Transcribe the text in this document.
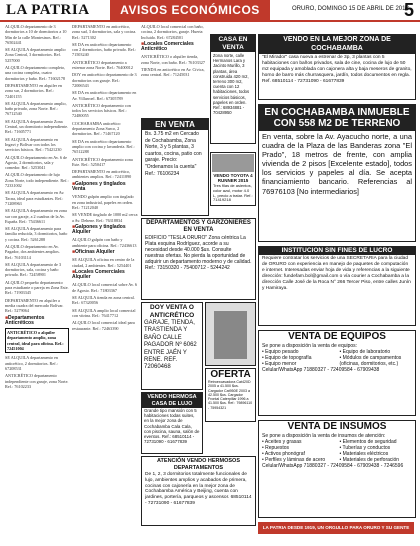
LA PATRIA	AVISOS ECONÓMICOS	ORURO, DOMINGO 15 DE ABRIL DE 2018
5

ALQUILO departamento de 3 dormitorios a 10 de dormitorios a 10 Min de la calle Montesinos. Ref.: 76502441

SE ALQUILA departamento amplio Zona Central, 3 dormitorios. Ref. 5257000

ALQUILO departamento completo, una cocina completa, cuatro dormitorios y baño. Ref.: 71602178

DEPARTAMENTO en alquiler en zona sur, 2 dormitorios. Ref.: 72401155

SE ALQUILA departamento amplio, baño privado, zona Norte. Ref.: 76712540

SE ALQUILA departamento Zona Central, un dormitorio independiente. Ref.: 71605771

SE ALQUILA departamento en Ingavi y Bolívar con todos los servicios básicos. Ref.: 75421230

ALQUILO departamento en Av. 6 de Agosto, 2 dormitorios, sala y comedor. Ref.: 5253041

ALQUILO departamento de lujo Zona Norte, todo independiente. Ref.: 72331002

SE ALQUILA departamento en Av. Tacna, ideal para estudiantes. Ref.: 71208963

SE ALQUILA departamento en zona sur con garaje, a 2 cuadras de la Av. España. Ref.: 75436611

SE ALQUILA departamento para familia reducida, 3 dormitorios, baño y cocina. Ref.: 5261288

ALQUILO departamento en Av. Pagador, dos ambientes amplios. Ref.: 76103114

SE ALQUILA departamento de 3 dormitorios, sala, cocina y baño privado. Ref.: 72458901

ALQUILO pequeño departamento para estudiante o pareja en Zona Este. Ref.: 71903345

DEPARTAMENTO en alquiler a media cuadra del mercado Bolívar. Ref.: 5279064

■ Departamentos Anticréticos

ANTICRÉTICO o alquiler departamento amplio, zona central, ideal para oficina. Ref.: 72451004

SE ALQUILA departamento en anticrético, 2 dormitorios. Ref.: 67208531

ANTICRÉTICO departamento independiente con garaje, zona Norte. Ref.: 76102233

DEPARTAMENTO en anticrético, zona sud, 3 dormitorios, sala y cocina. Ref.: 5271302

SE DA en anticrético departamento con 2 dormitorios, baño privado. Ref.: 71503240

ANTICRÉTICO departamento a estrenar zona Norte. Ref.: 76400012

DOY en anticrético departamento de 3 dormitorios con garaje. Ref.: 72006543

SE DA en anticrético departamento en Av. Villarroel. Ref.: 67305789

ANTICRÉTICO departamento con todos los servicios básicos. Ref.: 72480055

COCHABAMBA anticrético departamento Zona Sarco, 2 dormitorios. Ref.: 71467120

SE DA en anticrético departamento amplio con cocina y lavandería. Ref.: 76512288

ANTICRÉTICO departamento zona Este. Ref.: 5250417

DEPARTAMENTO en anticrético, ambientes amplios. Ref.: 72411890

■ Galpones y tinglados Venta

VENDO galpón amplio con tinglado en zona industrial, papeles en orden. Ref.: 71212040

SE VENDE tinglado de 1000 m2 cerca a Av. Dehene. Ref.: 76318834

■ Galpones y tinglados Alquiler

ALQUILO galpón con baño y ambiente para oficina. Ref.: 72436613

■ Oficinas Alquiler

SE ALQUILA oficina en centro de la ciudad, 2 ambientes. Ref.: 5254401

■ Locales Comerciales Alquiler

ALQUILO local comercial sobre Av. 6 de Agosto. Ref.: 71803367

SE ALQUILA tienda en zona central. Ref.: 67320056

SE ALQUILA amplio local comercial con vitrina. Ref.: 76417712

ALQUILO local comercial ideal para restaurante. Ref.: 72463390

ALQUILO local comercial con baño, cocina, 2 dormitorios, garaje. Huerta Incluido. Ref.: 67284501

■ Locales Comerciales Anticrético

ANTICRÉTICO o alquiler tienda, zona Norte, con baño. Ref.: 76103327

TIENDA en anticrético en Av. Cívica, zona central. Ref.: 71245031

EN VENTA
Bs. 3.75 m2 en Cercado de Cochabamba, Zona Norte, 3 y 5 plantas, 3 cuartos, cocina, patio con garaje. Precio: "Ordenamos la cuenta" Ref.: 76106234
CASA EN VENTA
Zona norte, calle Hermanos Lara y Jacinto Murillo, 3 plantas, área construida 420 m2, terreno 300 m2, cuenta con 12 habitaciones, todos servicios básicos, papeles en orden. Ref.: 68934881 - 70428950
VENDO TOYOTA 4 RUNNER 2015
Tres filas de asientos, color azul, motor 4.0 L, precio a tratar. Ref.: 71419218
VENDO EN LA MEJOR ZONA DE COCHABAMBA
"El Mirador" casa nueva a estrenar de 3p, 3 plantas con 5 habitaciones con baños privados, sala de cine, cocina de lujo de 50 m2 equipada y amoblada con cajonera alta y baja meseros de granito, horno de barro más churrasquera, jardín, todos documentos en regla. Ref. 68510114 - 72731090 - 61677839
EN COCHABAMBA INMUEBLE CON 558 M2 DE TERRENO
En venta, sobre la Av. Ayacucho norte, a una cuadra de la Plaza de las Banderas zona "El Prado", 18 metros de frente, con amplia vivienda de 2 pisos [Excelente estado], todos los servicios y papeles al día. Se acepta financiamiento bancario. Referencias al 76976103 [No intermediarios]
DEPARTAMENTOS Y GARZONIERES EN VENTA
EDIFICIO "TESLA ORURO" Zona céntrica La Plata esquina Rodríguez, acorde a su necesidad desde 40.000 $us. Consulte nuestras ofertas. No pierda la oportunidad de adquirir un departamento moderno y de calidad. Ref.: 73150320 - 75400712 - 5244242
INSTITUCIÓN SIN FINES DE LUCRO
Requiere contratar los servicios de una SECRETARIA para la ciudad de ORURO con experiencia en manejo de paquetes de computación e internet. Interesadas enviar hoja de vida y referencias a la siguiente dirección: fundefam.bol@gmail.com o vía courier a Cochabamba a la dirección Calle José de la Roca N° 266 Tercer Piso, entre calles Junín y Hamiraya.
DOY VENTA O ANTICRÉTICO
GARAJE, TIENDA, TRASTIENDA Y BAÑO CALLE PAGADOR Nº 6062 ENTRE JAÉN Y RENE. REF. 72060468
OFERTA
Retroexcavadora Cat420D 2005 a 41.500 $us. Cargador Cat950E 2003 a 42.500 $us. Cargador Frontal Caterpillar 1996 a 41.500 $us. Ref.: 79896110 - 75954321
VENDO HERMOSA CASA DE LUJO
Grande tipo mansión con 5 habitaciones todas suites, en la mejor zona de Cochabamba Cala Cala, con piscina, sauna, salón de eventos. Ref.: 68510114 - 72731090 - 61677839
VENTA DE EQUIPOS
Se pone a disposición la venta de equipos:
• Equipo pesado
• Equipo de topografía
• Equipo menor
• Equipo de laboratorio
• Módulos de campamentos (oficinas, dormitorios, etc.)
Celular/WhatsApp 71880327 - 72409584 - 67909438
ATENCIÓN VENDO HERMOSOS DEPARTAMENTOS
De 1, 2, 3 dormitorios totalmente funcionales de lujo, ambientes amplios y acabados de primera, cocinas con cajonería en la mejor zona de Cochabamba América y Beijing, cuenta con jardines, portería, parqueos y ascensor. 68510114 - 72731090 - 61677839
VENTA DE INSUMOS
Se pone a disposición la venta de insumos de atención:
• Aceites y grasas
• Repuestos
• Activos phonógraf
• Perfiles y láminas de acero
• Elementos de seguridad
• Tuberías y conductos
• Materiales eléctricos
• Materiales de perforación
Celular/WhatsApp 71880327 - 72409584 - 67909438 - 7246596
LA PATRIA DESDE 1919, UN ORGULLO PARA ORURO Y SU GENTE
